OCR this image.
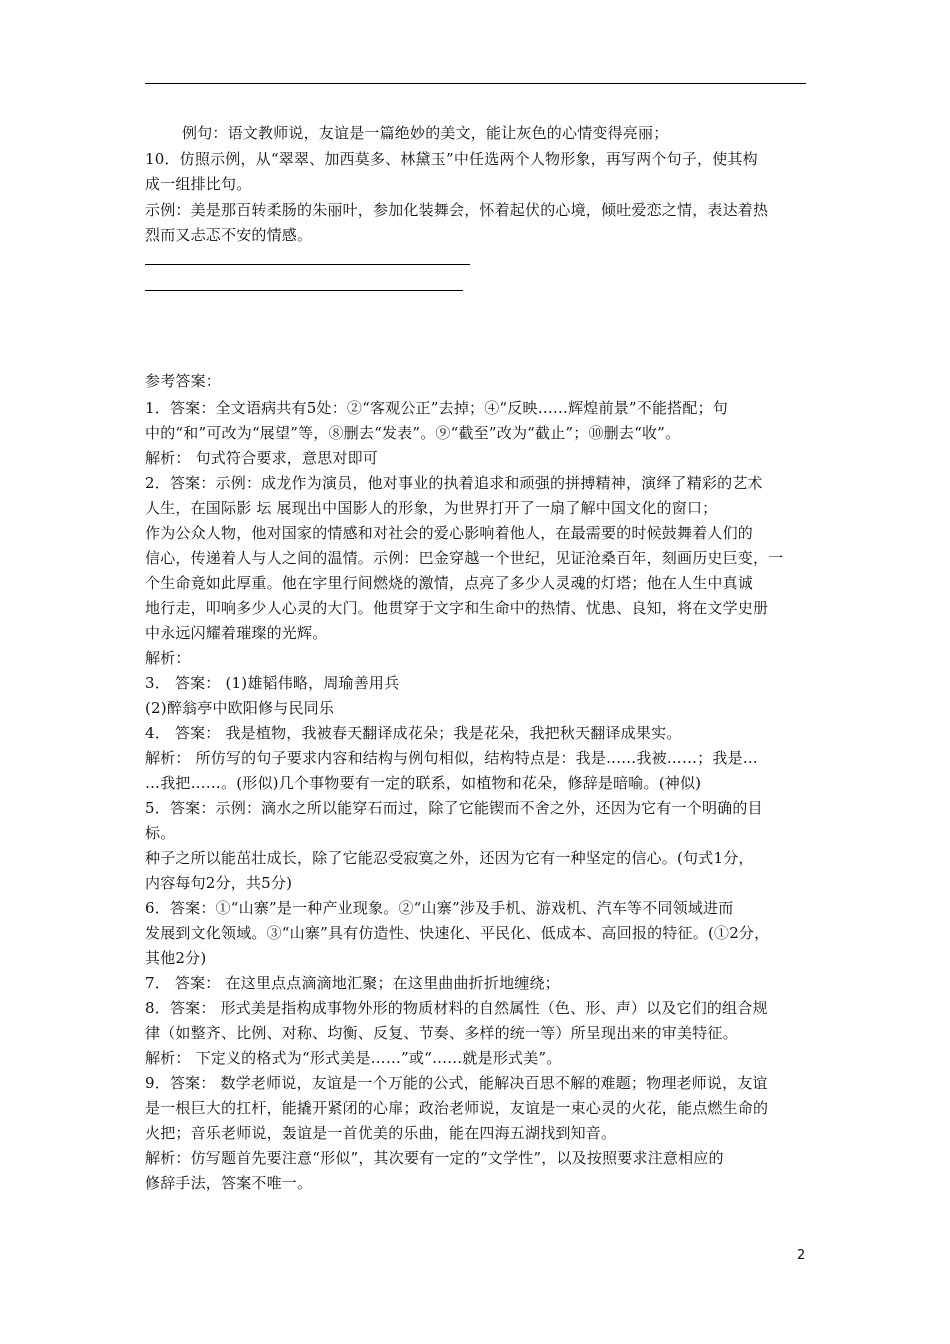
例句：语文教师说，友谊是一篇绝妙的美文，能让灰色的心情变得亮丽；
10．仿照示例，从“翠翠、加西莫多、林黛玉”中任选两个人物形象，再写两个句子，使其构
成一组排比句。
示例：美是那百转柔肠的朱丽叶，参加化装舞会，怀着起伏的心境，倾吐爱恋之情，表达着热
烈而又忐忑不安的情感。
参考答案：
1．答案：全文语病共有5处：②“客观公正”去掉；④“反映……辉煌前景”不能搭配；句
中的“和”可改为“展望”等，⑧删去“发表”。⑨“截至”改为“截止”；⑩删去“收”。
解析： 句式符合要求，意思对即可
2．答案：示例：成龙作为演员，他对事业的执着追求和顽强的拼搏精神，演绎了精彩的艺术
人生，在国际影 坛 展现出中国影人的形象，为世界打开了一扇了解中国文化的窗口；
作为公众人物，他对国家的情感和对社会的爱心影响着他人，在最需要的时候鼓舞着人们的
信心，传递着人与人之间的温情。示例：巴金穿越一个世纪，见证沧桑百年，刻画历史巨变，一
个生命竟如此厚重。他在字里行间燃烧的激情，点亮了多少人灵魂的灯塔；他在人生中真诚
地行走，叩响多少人心灵的大门。他贯穿于文字和生命中的热情、忧患、良知，将在文学史册
中永远闪耀着璀璨的光辉。
解析：
3． 答案： (1)雄韬伟略，周瑜善用兵
(2)醉翁亭中欧阳修与民同乐
4． 答案： 我是植物，我被春天翻译成花朵；我是花朵，我把秋天翻译成果实。
解析： 所仿写的句子要求内容和结构与例句相似，结构特点是：我是……我被……；我是…
…我把……。(形似)几个事物要有一定的联系，如植物和花朵，修辞是暗喻。(神似)
5．答案：示例：滴水之所以能穿石而过，除了它能锲而不舍之外，还因为它有一个明确的目
标。
种子之所以能茁壮成长，除了它能忍受寂寞之外，还因为它有一种坚定的信心。(句式1分，
内容每句2分，共5分)
6．答案：①“山寨”是一种产业现象。②“山寨”涉及手机、游戏机、汽车等不同领域进而
发展到文化领域。③“山寨”具有仿造性、快速化、平民化、低成本、高回报的特征。(①2分，
其他2分)
7． 答案： 在这里点点滴滴地汇聚；在这里曲曲折折地缠绕；
8．答案： 形式美是指构成事物外形的物质材料的自然属性（色、形、声）以及它们的组合规
律（如整齐、比例、对称、均衡、反复、节奏、多样的统一等）所呈现出来的审美特征。
解析： 下定义的格式为“形式美是……”或“……就是形式美”。
9．答案： 数学老师说，友谊是一个万能的公式，能解决百思不解的难题；物理老师说，友谊
是一根巨大的扛杆，能撬开紧闭的心扉；政治老师说，友谊是一束心灵的火花，能点燃生命的
火把；音乐老师说，轰谊是一首优美的乐曲，能在四海五湖找到知音。
解析：仿写题首先要注意“形似”，其次要有一定的“文学性”，以及按照要求注意相应的
修辞手法，答案不唯一。
2
